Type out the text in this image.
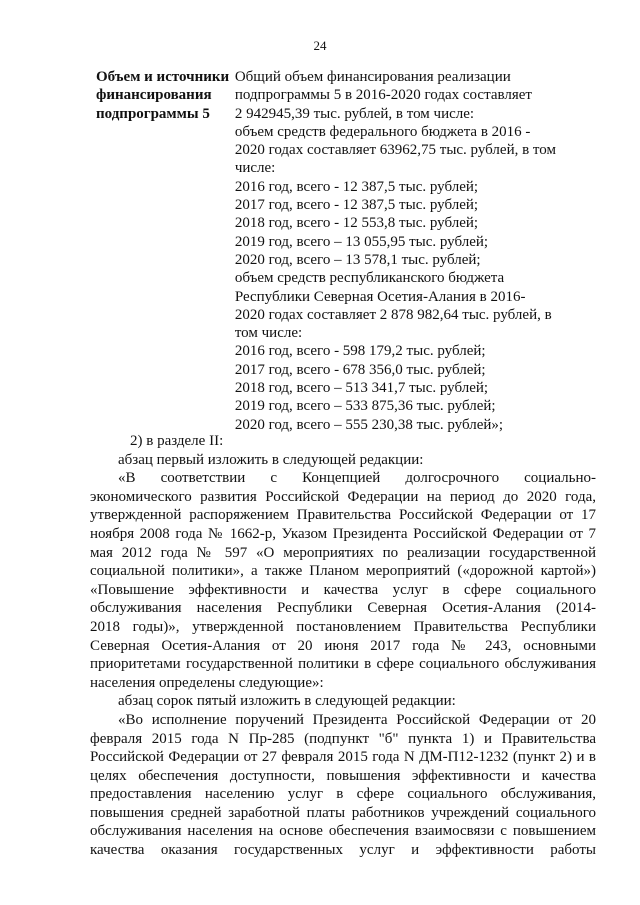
24
Объем и источники
финансирования
подпрограммы 5
Общий объем финансирования реализации
подпрограммы 5 в 2016-2020 годах составляет
2 942945,39 тыс. рублей, в том числе:
объем средств федерального бюджета в 2016 -
2020 годах составляет 63962,75 тыс. рублей, в том
числе:
2016 год, всего - 12 387,5 тыс. рублей;
2017 год, всего - 12 387,5 тыс. рублей;
2018 год, всего - 12 553,8 тыс. рублей;
2019 год, всего – 13 055,95 тыс. рублей;
2020 год, всего – 13 578,1 тыс. рублей;
объем средств республиканского бюджета
Республики Северная Осетия-Алания в 2016-
2020 годах составляет 2 878 982,64 тыс. рублей, в
том числе:
2016 год, всего - 598 179,2 тыс. рублей;
2017 год, всего - 678 356,0 тыс. рублей;
2018 год, всего – 513 341,7 тыс. рублей;
2019 год, всего – 533 875,36 тыс. рублей;
2020 год, всего – 555 230,38 тыс. рублей»;

2) в разделе II:

абзац первый изложить в следующей редакции:

«В соответствии с Концепцией долгосрочного социально-
экономического развития Российской Федерации на период до 2020 года,
утвержденной распоряжением Правительства Российской Федерации от 17
ноября 2008 года № 1662-р, Указом Президента Российской Федерации от 7
мая 2012 года № 597 «О мероприятиях по реализации государственной
социальной политики», а также Планом мероприятий («дорожной картой»)
«Повышение эффективности и качества услуг в сфере социального
обслуживания населения Республики Северная Осетия-Алания (2014-
2018 годы)», утвержденной постановлением Правительства Республики
Северная Осетия-Алания от 20 июня 2017 года № 243, основными
приоритетами государственной политики в сфере социального обслуживания
населения определены следующие»:

абзац сорок пятый изложить в следующей редакции:

«Во исполнение поручений Президента Российской Федерации от 20
февраля 2015 года N Пр-285 (подпункт "б" пункта 1) и Правительства
Российской Федерации от 27 февраля 2015 года N ДМ-П12-1232 (пункт 2) и в
целях обеспечения доступности, повышения эффективности и качества
предоставления населению услуг в сфере социального обслуживания,
повышения средней заработной платы работников учреждений социального
обслуживания населения на основе обеспечения взаимосвязи с повышением
качества оказания государственных услуг и эффективности работы
